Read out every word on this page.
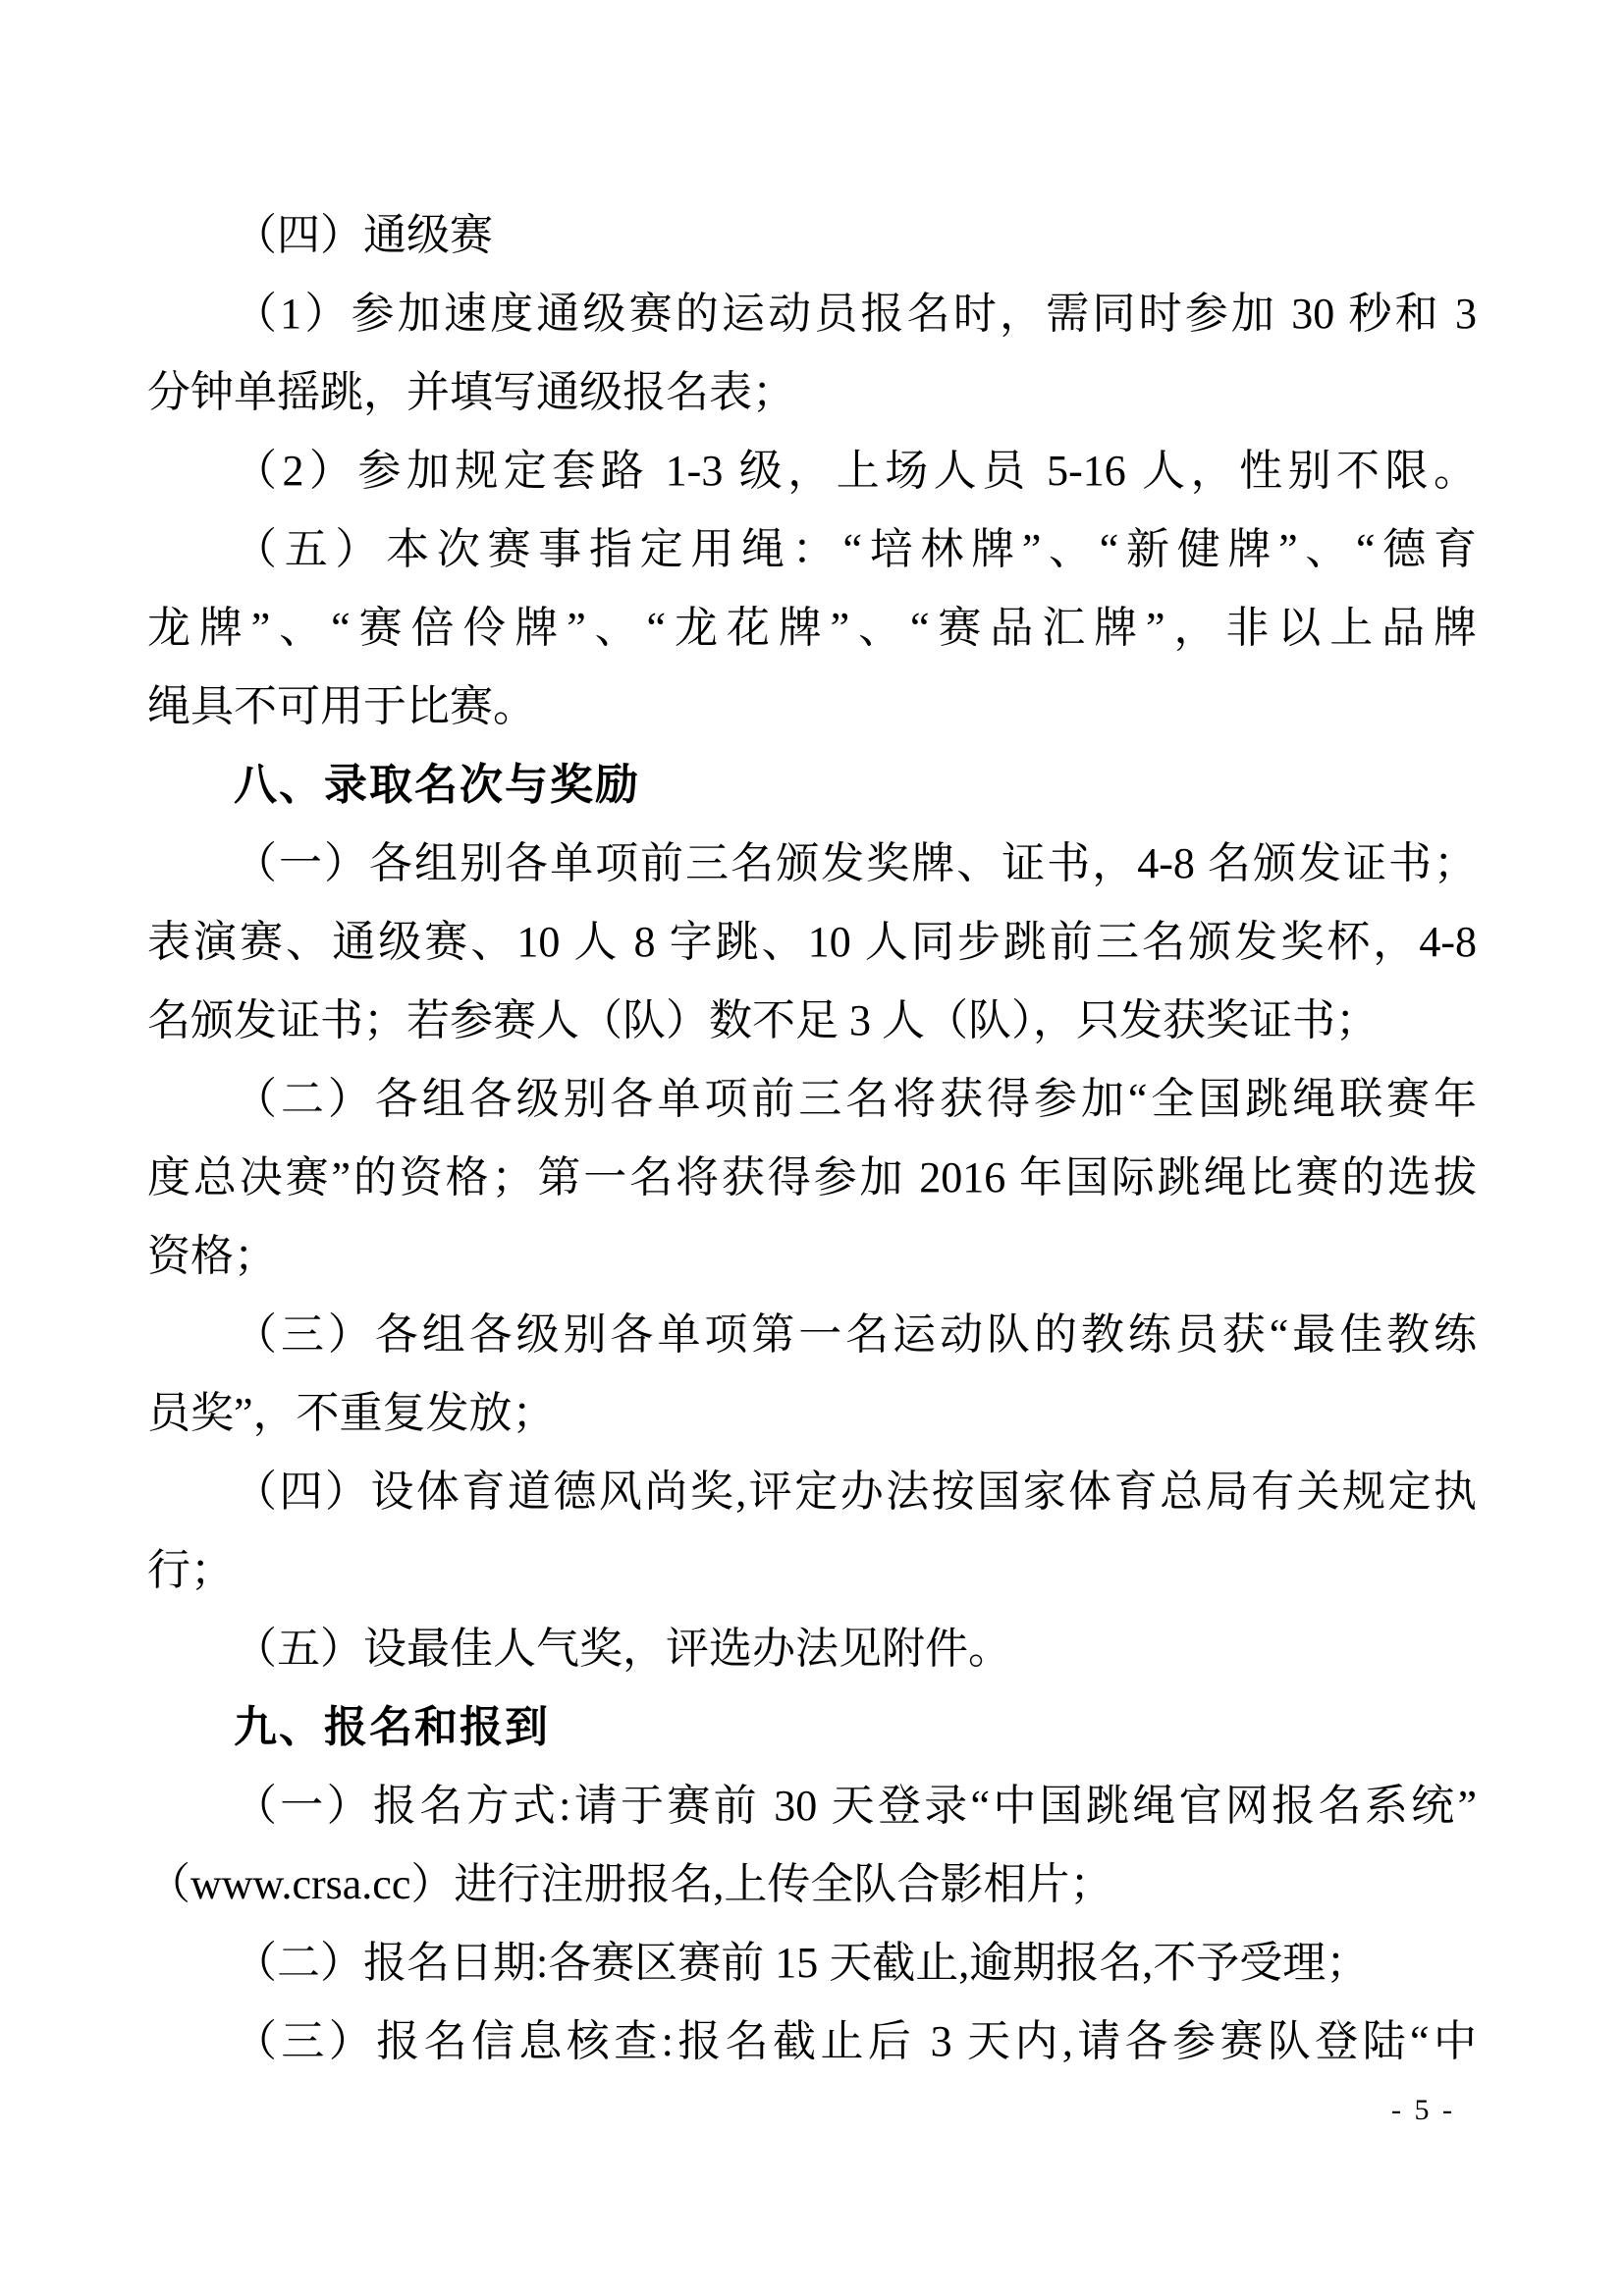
（四）通级赛
（1）参加速度通级赛的运动员报名时，需同时参加 30 秒和 3
分钟单摇跳，并填写通级报名表；
（2）参加规定套路 1-3 级，上场人员 5-16 人，性别不限。
（五）本次赛事指定用绳：“培林牌”、“新健牌”、“德育
龙牌”、“赛倍伶牌”、“龙花牌”、“赛品汇牌”，非以上品牌
绳具不可用于比赛。
八、录取名次与奖励
（一）各组别各单项前三名颁发奖牌、证书，4-8 名颁发证书；
表演赛、通级赛、10 人 8 字跳、10 人同步跳前三名颁发奖杯，4-8
名颁发证书；若参赛人（队）数不足 3 人（队），只发获奖证书；
（二）各组各级别各单项前三名将获得参加“全国跳绳联赛年
度总决赛”的资格；第一名将获得参加 2016 年国际跳绳比赛的选拔
资格；
（三）各组各级别各单项第一名运动队的教练员获“最佳教练
员奖”，不重复发放；
（四）设体育道德风尚奖,评定办法按国家体育总局有关规定执
行；
（五）设最佳人气奖，评选办法见附件。
九、报名和报到
（一）报名方式:请于赛前 30 天登录“中国跳绳官网报名系统”
（www.crsa.cc）进行注册报名,上传全队合影相片；
（二）报名日期:各赛区赛前 15 天截止,逾期报名,不予受理；
（三）报名信息核查:报名截止后 3 天内,请各参赛队登陆“中
- 5 -
